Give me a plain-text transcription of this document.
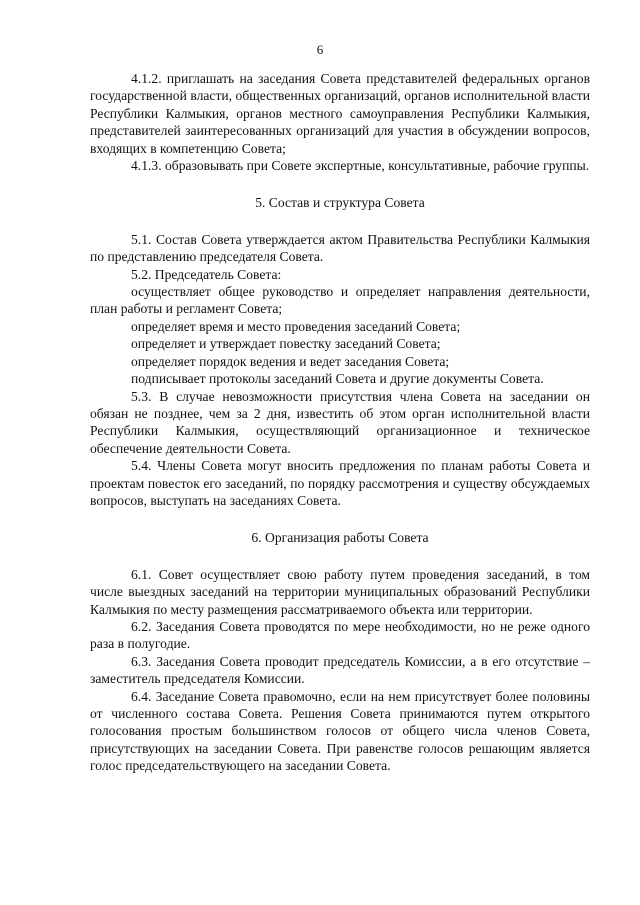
6

4.1.2. приглашать на заседания Совета представителей федеральных органов государственной власти, общественных организаций, органов исполнительной власти Республики Калмыкия, органов местного самоуправления Республики Калмыкия, представителей заинтересованных организаций для участия в обсуждении вопросов, входящих в компетенцию Совета;

4.1.3. образовывать при Совете экспертные, консультативные, рабочие группы.

5. Состав и структура Совета

5.1. Состав Совета утверждается актом Правительства Республики Калмыкия по представлению председателя Совета.

5.2. Председатель Совета:

осуществляет общее руководство и определяет направления деятельности, план работы и регламент Совета;

определяет время и место проведения заседаний Совета;

определяет и утверждает повестку заседаний Совета;

определяет порядок ведения и ведет заседания Совета;

подписывает протоколы заседаний Совета и другие документы Совета.

5.3. В случае невозможности присутствия члена Совета на заседании он обязан не позднее, чем за 2 дня, известить об этом орган исполнительной власти Республики Калмыкия, осуществляющий организационное и техническое обеспечение деятельности Совета.

5.4. Члены Совета могут вносить предложения по планам работы Совета и проектам повесток его заседаний, по порядку рассмотрения и существу обсуждаемых вопросов, выступать на заседаниях Совета.

6. Организация работы Совета

6.1. Совет осуществляет свою работу путем проведения заседаний, в том числе выездных заседаний на территории муниципальных образований Республики Калмыкия по месту размещения рассматриваемого объекта или территории.

6.2. Заседания Совета проводятся по мере необходимости, но не реже одного раза в полугодие.

6.3. Заседания Совета проводит председатель Комиссии, а в его отсутствие – заместитель председателя Комиссии.

6.4. Заседание Совета правомочно, если на нем присутствует более половины от численного состава Совета. Решения Совета принимаются путем открытого голосования простым большинством голосов от общего числа членов Совета, присутствующих на заседании Совета. При равенстве голосов решающим является голос председательствующего на заседании Совета.
